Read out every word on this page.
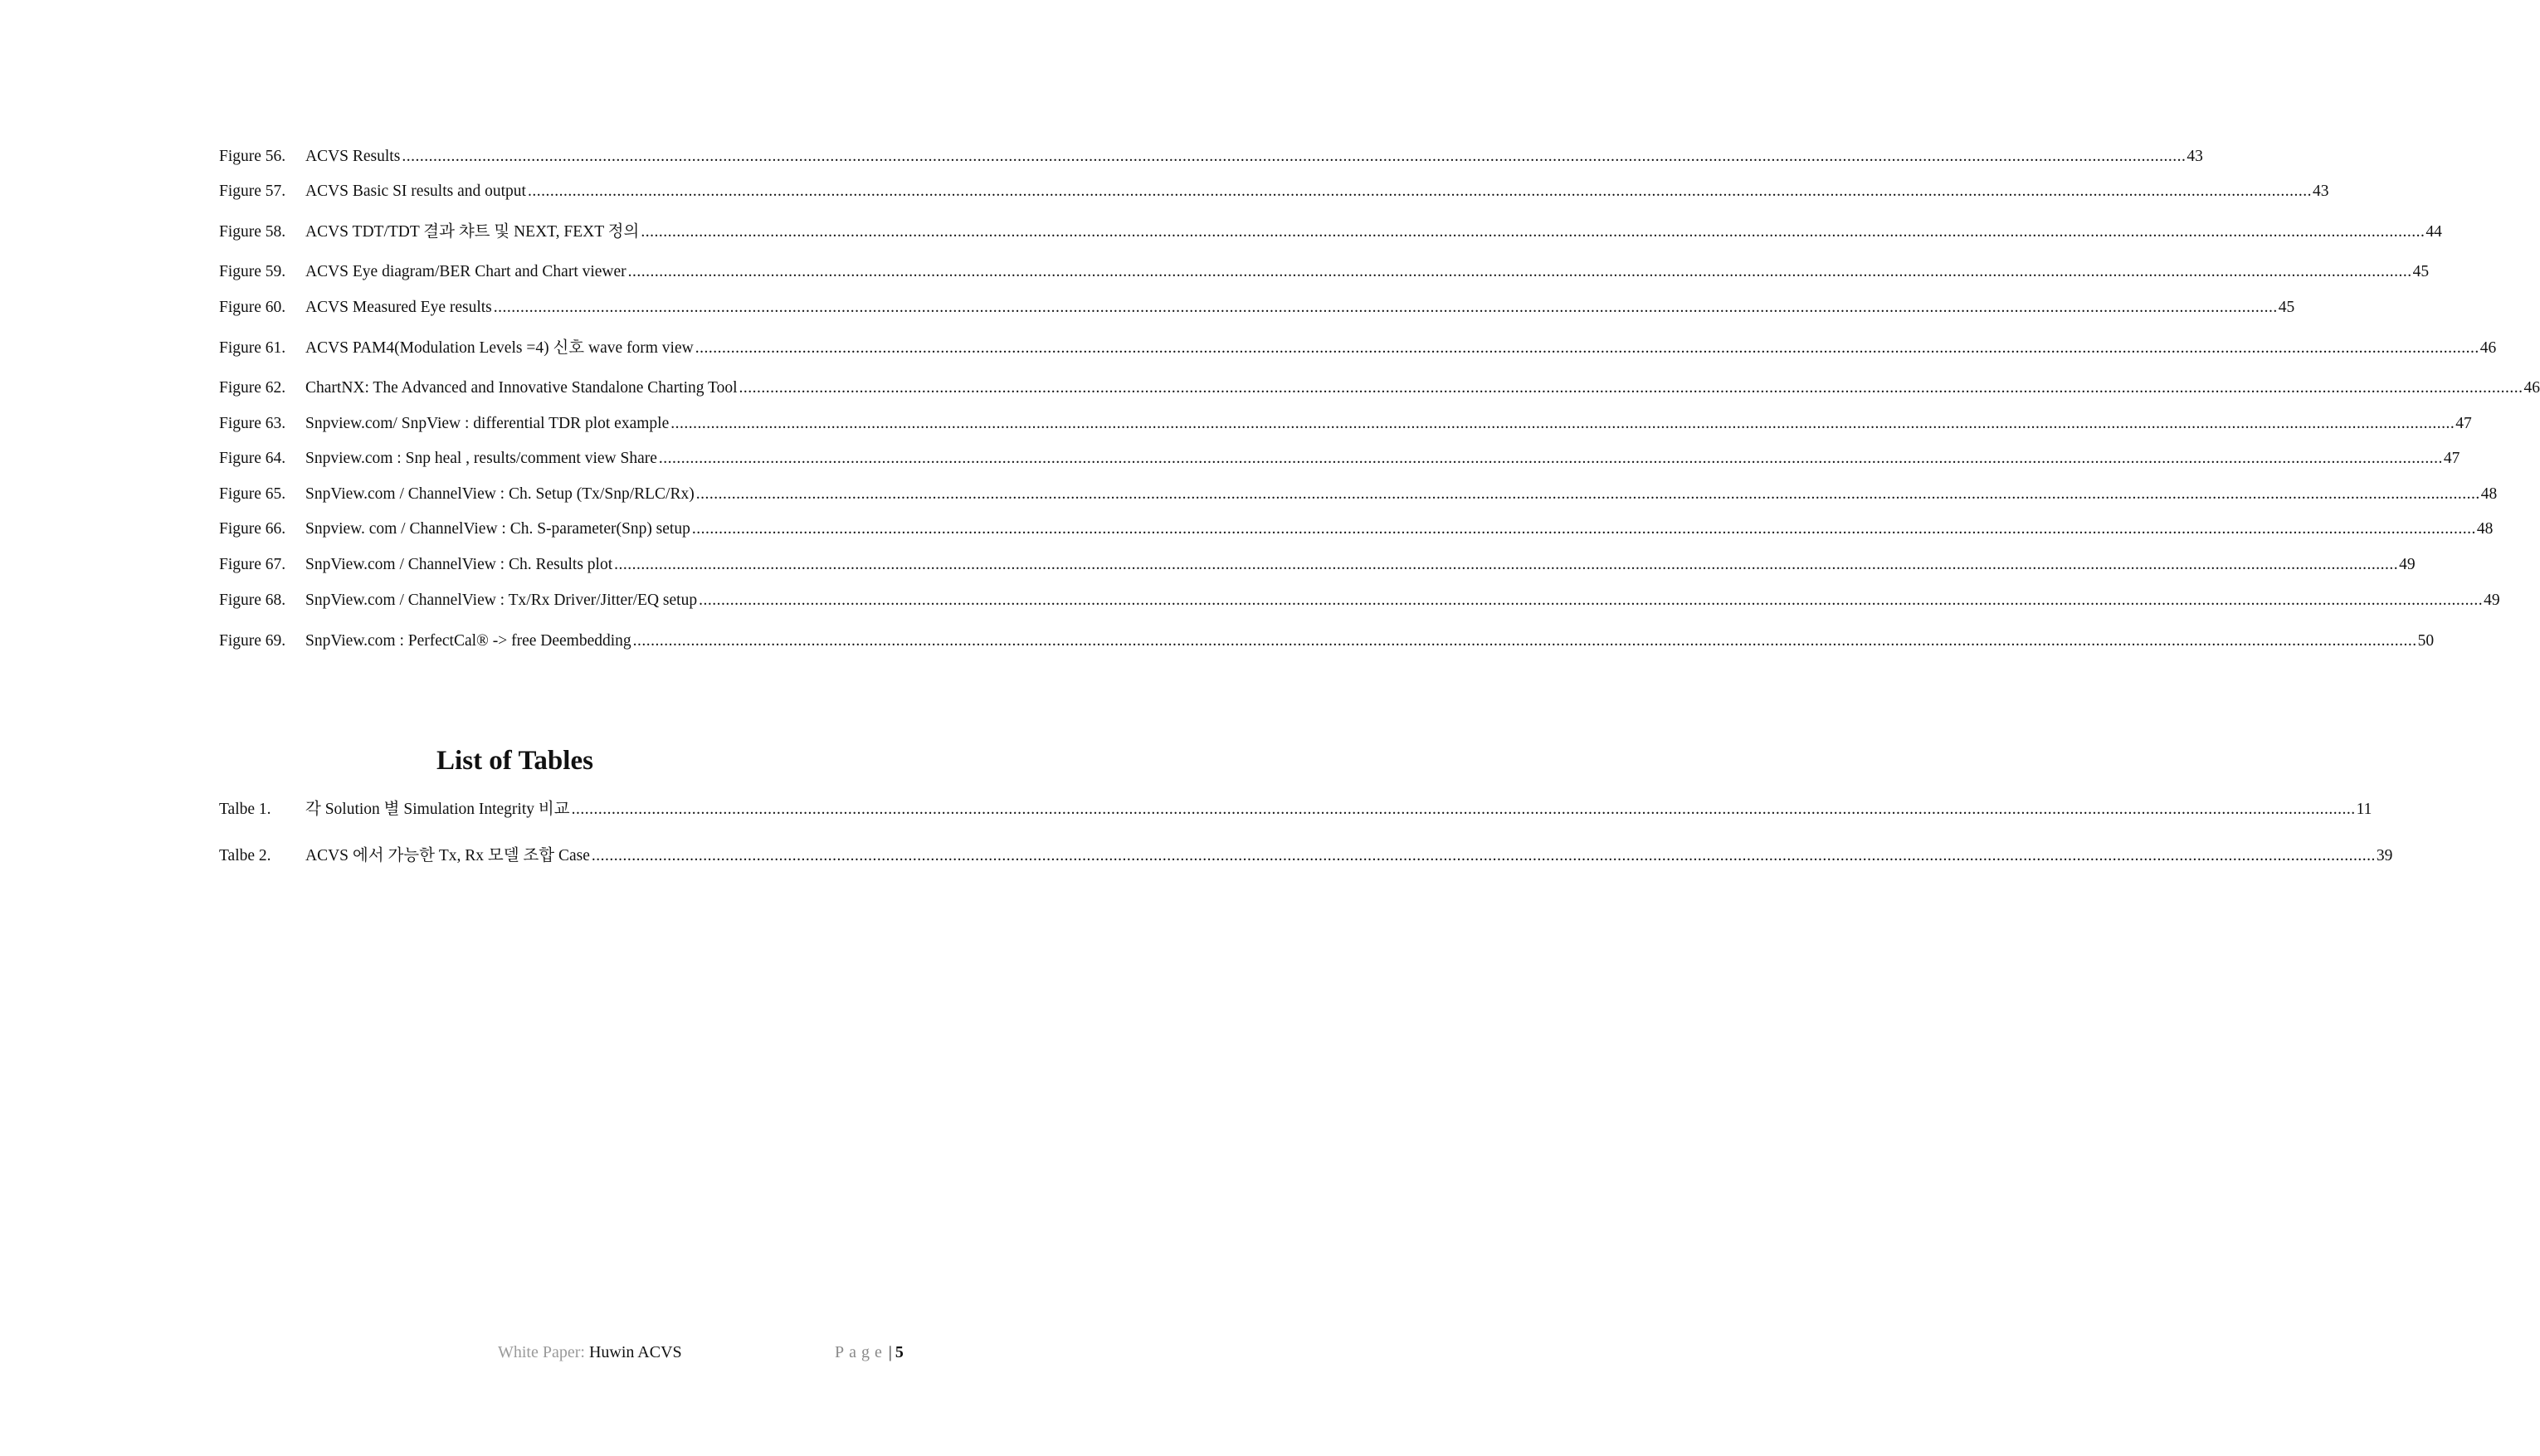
Figure 56.	ACVS Results ................................................................................................................................................................................................................................................................................................................................................................................................................ 43
Figure 57.	ACVS Basic SI results and output ................................................................................................................................................................................................................................................................................................................................................................................................................ 43
Figure 58.	ACVS TDT/TDT 결과 챠트 및 NEXT, FEXT 정의 ................................................................................................................................................................................................................................................................................................................................................................................................................ 44
Figure 59.	ACVS Eye diagram/BER Chart and Chart viewer ................................................................................................................................................................................................................................................................................................................................................................................................................ 45
Figure 60.	ACVS Measured Eye results ................................................................................................................................................................................................................................................................................................................................................................................................................ 45
Figure 61.	ACVS PAM4(Modulation Levels =4) 신호 wave form view ................................................................................................................................................................................................................................................................................................................................................................................................................ 46
Figure 62.	ChartNX: The Advanced and Innovative Standalone Charting Tool ................................................................................................................................................................................................................................................................................................................................................................................................................ 46
Figure 63.	Snpview.com/ SnpView : differential TDR plot example ................................................................................................................................................................................................................................................................................................................................................................................................................ 47
Figure 64.	Snpview.com : Snp heal , results/comment view Share ................................................................................................................................................................................................................................................................................................................................................................................................................ 47
Figure 65.	SnpView.com / ChannelView : Ch. Setup (Tx/Snp/RLC/Rx) ................................................................................................................................................................................................................................................................................................................................................................................................................ 48
Figure 66.	Snpview. com / ChannelView : Ch. S-parameter(Snp) setup ................................................................................................................................................................................................................................................................................................................................................................................................................ 48
Figure 67.	SnpView.com / ChannelView : Ch. Results plot ................................................................................................................................................................................................................................................................................................................................................................................................................ 49
Figure 68.	SnpView.com / ChannelView : Tx/Rx Driver/Jitter/EQ setup ................................................................................................................................................................................................................................................................................................................................................................................................................ 49
Figure 69.	SnpView.com : PerfectCal® -> free Deembedding ................................................................................................................................................................................................................................................................................................................................................................................................................ 50
List of Tables
Talbe 1.	각 Solution 별 Simulation Integrity 비교 ................................................................................................................................................................................................................................................................................................................................................................................................................ 11
Talbe 2.	ACVS 에서 가능한 Tx, Rx 모델 조합 Case ................................................................................................................................................................................................................................................................................................................................................................................................................ 39
White Paper: Huwin ACVS	Page | 5
